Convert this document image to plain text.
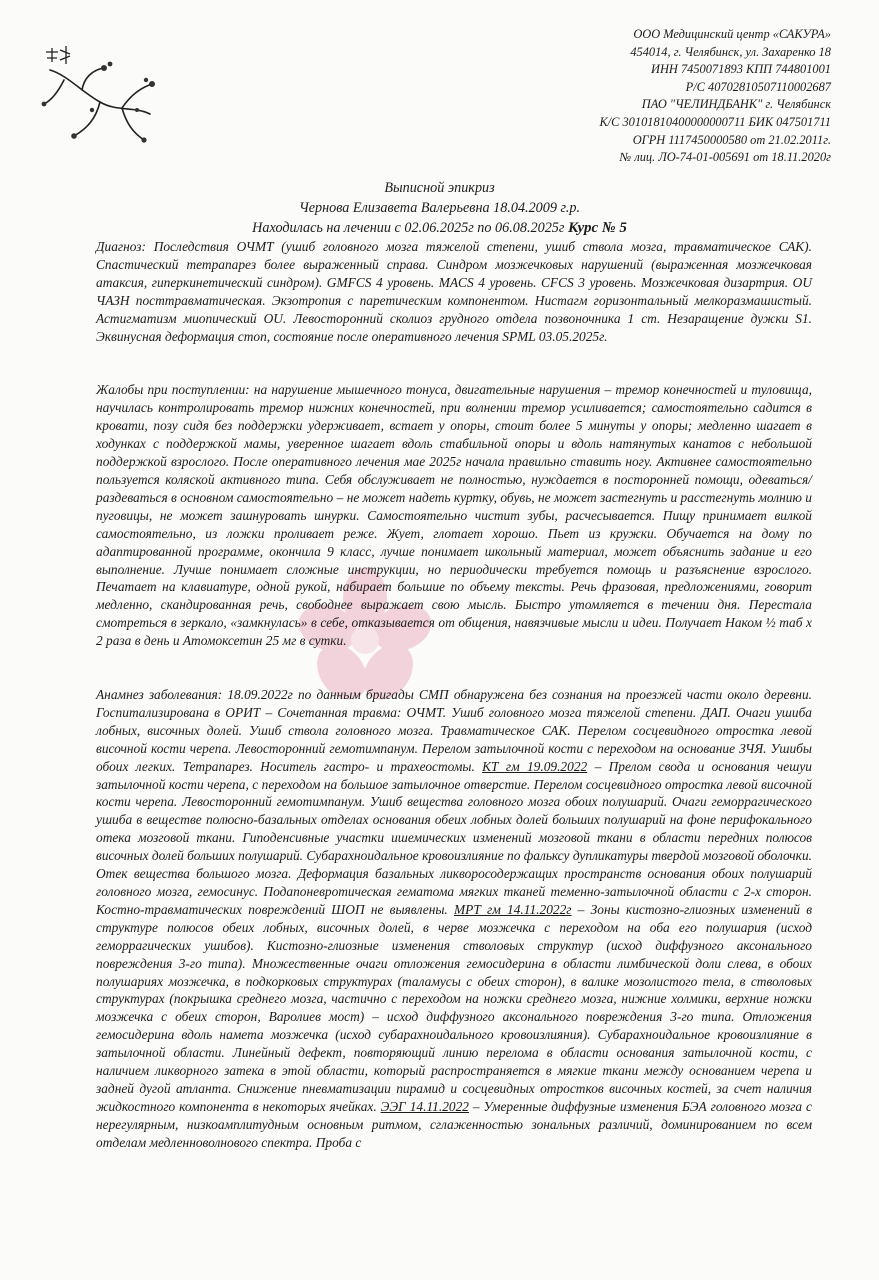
ООО Медицинский центр «САКУРА»
454014, г. Челябинск, ул. Захаренко 18
ИНН 7450071893 КПП 744801001
Р/С 40702810507110002687
ПАО "ЧЕЛИНДБАНК" г. Челябинск
К/С 30101810400000000711 БИК 047501711
ОГРН 1117450000580 от 21.02.2011г.
№ лиц. ЛО-74-01-005691 от 18.11.2020г
Выписной эпикриз
Чернова Елизавета Валерьевна 18.04.2009 г.р.
Находилась на лечении с 02.06.2025г по 06.08.2025г Курс № 5

Диагноз: Последствия ОЧМТ (ушиб головного мозга тяжелой степени, ушиб ствола мозга, травматическое САК). Спастический тетрапарез более выраженный справа. Синдром мозжечковых нарушений (выраженная мозжечковая атаксия, гиперкинетический синдром). GMFCS 4 уровень. MACS 4 уровень. CFCS 3 уровень. Мозжечковая дизартрия. OU ЧАЗН посттравматическая. Экзотропия с паретическим компонентом. Нистагм горизонтальный мелкоразмашистый. Астигматизм миопический OU. Левосторонний сколиоз грудного отдела позвоночника 1 ст. Незаращение дужки S1. Эквинусная деформация стоп, состояние после оперативного лечения SPML 03.05.2025г.

Жалобы при поступлении: на нарушение мышечного тонуса, двигательные нарушения – тремор конечностей и туловища, научилась контролировать тремор нижних конечностей, при волнении тремор усиливается; самостоятельно садится в кровати, позу сидя без поддержки удерживает, встает у опоры, стоит более 5 минуты у опоры; медленно шагает в ходунках с поддержкой мамы, уверенное шагает вдоль стабильной опоры и вдоль натянутых канатов с небольшой поддержкой взрослого. После оперативного лечения мае 2025г начала правильно ставить ногу. Активнее самостоятельно пользуется коляской активного типа. Себя обслуживает не полностью, нуждается в посторонней помощи, одеваться/раздеваться в основном самостоятельно – не может надеть куртку, обувь, не может застегнуть и расстегнуть молнию и пуговицы, не может зашнуровать шнурки. Самостоятельно чистит зубы, расчесывается. Пищу принимает вилкой самостоятельно, из ложки проливает реже. Жует, глотает хорошо. Пьет из кружки. Обучается на дому по адаптированной программе, окончила 9 класс, лучше понимает школьный материал, может объяснить задание и его выполнение. Лучше понимает сложные инструкции, но периодически требуется помощь и разъяснение взрослого. Печатает на клавиатуре, одной рукой, набирает большие по объему тексты. Речь фразовая, предложениями, говорит медленно, скандированная речь, свободнее выражает свою мысль. Быстро утомляется в течении дня. Перестала смотреться в зеркало, «замкнулась» в себе, отказывается от общения, навязчивые мысли и идеи. Получает Наком ½ таб х 2 раза в день и Атомоксетин 25 мг в сутки.

Анамнез заболевания: 18.09.2022г по данным бригады СМП обнаружена без сознания на проезжей части около деревни. Госпитализирована в ОРИТ – Сочетанная травма: ОЧМТ. Ушиб головного мозга тяжелой степени. ДАП. Очаги ушиба лобных, височных долей. Ушиб ствола головного мозга. Травматическое САК. Перелом сосцевидного отростка левой височной кости черепа. Левосторонний гемотимпанум. Перелом затылочной кости с переходом на основание ЗЧЯ. Ушибы обоих легких. Тетрапарез. Носитель гастро- и трахеостомы. КТ гм 19.09.2022 – Прелом свода и основания чешуи затылочной кости черепа, с переходом на большое затылочное отверстие. Перелом сосцевидного отростка левой височной кости черепа. Левосторонний гемотимпанум. Ушиб вещества головного мозга обоих полушарий. Очаги геморрагического ушиба в веществе полюсно-базальных отделах основания обеих лобных долей больших полушарий на фоне перифокального отека мозговой ткани. Гиподенсивные участки ишемических изменений мозговой ткани в области передних полюсов височных долей больших полушарий. Субарахноидальное кровоизлияние по фальксу дупликатуры твердой мозговой оболочки. Отек вещества большого мозга. Деформация базальных ликворосодержащих пространств основания обоих полушарий головного мозга, гемосинус. Подапоневротическая гематома мягких тканей теменно-затылочной области с 2-х сторон. Костно-травматических повреждений ШОП не выявлены. МРТ гм 14.11.2022г – Зоны кистозно-глиозных изменений в структуре полюсов обеих лобных, височных долей, в черве мозжечка с переходом на оба его полушария (исход геморрагических ушибов). Кистозно-глиозные изменения стволовых структур (исход диффузного аксонального повреждения 3-го типа). Множественные очаги отложения гемосидерина в области лимбической доли слева, в обоих полушариях мозжечка, в подкорковых структурах (таламусы с обеих сторон), в валике мозолистого тела, в стволовых структурах (покрышка среднего мозга, частично с переходом на ножки среднего мозга, нижние холмики, верхние ножки мозжечка с обеих сторон, Варолиев мост) – исход диффузного аксонального повреждения 3-го типа. Отложения гемосидерина вдоль намета мозжечка (исход субарахноидального кровоизлияния). Субарахноидальное кровоизлияние в затылочной области. Линейный дефект, повторяющий линию перелома в области основания затылочной кости, с наличием ликворного затека в этой области, который распространяется в мягкие ткани между основанием черепа и задней дугой атланта. Снижение пневматизации пирамид и сосцевидных отростков височных костей, за счет наличия жидкостного компонента в некоторых ячейках. ЭЭГ 14.11.2022 – Умеренные диффузные изменения БЭА головного мозга с нерегулярным, низкоамплитудным основным ритмом, сглаженностью зональных различий, доминированием по всем отделам медленноволнового спектра. Проба с
